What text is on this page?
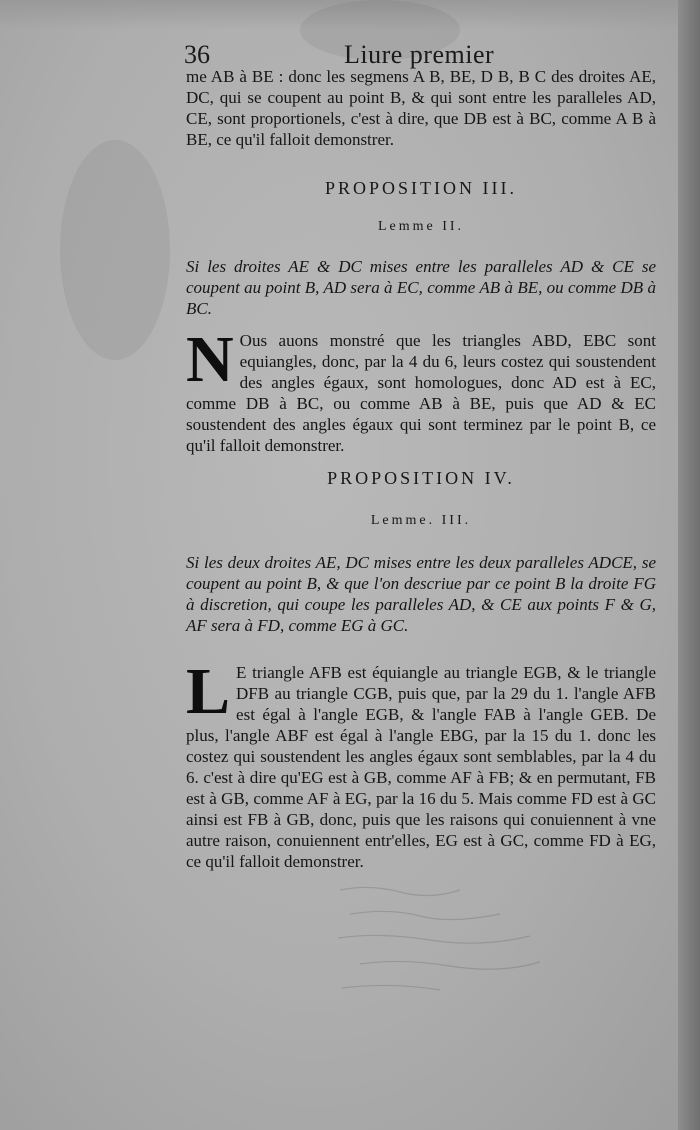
36	Liure premier
me AB à BE : donc les segmens A B, BE, D B, B C des droites AE, DC, qui se coupent au point B, & qui sont entre les paralleles AD, CE, sont proportionels, c'est à dire, que DB est à BC, comme A B à BE, ce qu'il falloit demonstrer.
PROPOSITION III.
Lemme II.
Si les droites AE & DC mises entre les paralleles AD & CE se coupent au point B, AD sera à EC, comme AB à BE, ou comme DB à BC.
N Ous auons monstré que les triangles ABD, EBC sont equiangles, donc, par la 4 du 6, leurs costez qui soustendent des angles égaux, sont homologues, donc AD est à EC, comme DB à BC, ou comme AB à BE, puis que AD & EC soustendent des angles égaux qui sont terminez par le point B, ce qu'il falloit demonstrer.
PROPOSITION IV.
Lemme. III.
Si les deux droites AE, DC mises entre les deux paralleles ADCE, se coupent au point B, & que l'on descriue par ce point B la droite FG à discretion, qui coupe les paralleles AD, & CE aux points F & G, AF sera à FD, comme EG à GC.
L E triangle AFB est équiangle au triangle EGB, & le triangle DFB au triangle CGB, puis que, par la 29 du 1. l'angle AFB est égal à l'angle EGB, & l'angle FAB à l'angle GEB. De plus, l'angle ABF est égal à l'angle EBG, par la 15 du 1. donc les costez qui soustendent les angles égaux sont semblables, par la 4 du 6. c'est à dire qu'EG est à GB, comme AF à FB; & en permutant, FB est à GB, comme AF à EG, par la 16 du 5. Mais comme FD est à GC ainsi est FB à GB, donc, puis que les raisons qui conuiennent à vne autre raison, conuiennent entr'elles, EG est à GC, comme FD à EG, ce qu'il falloit demonstrer.
